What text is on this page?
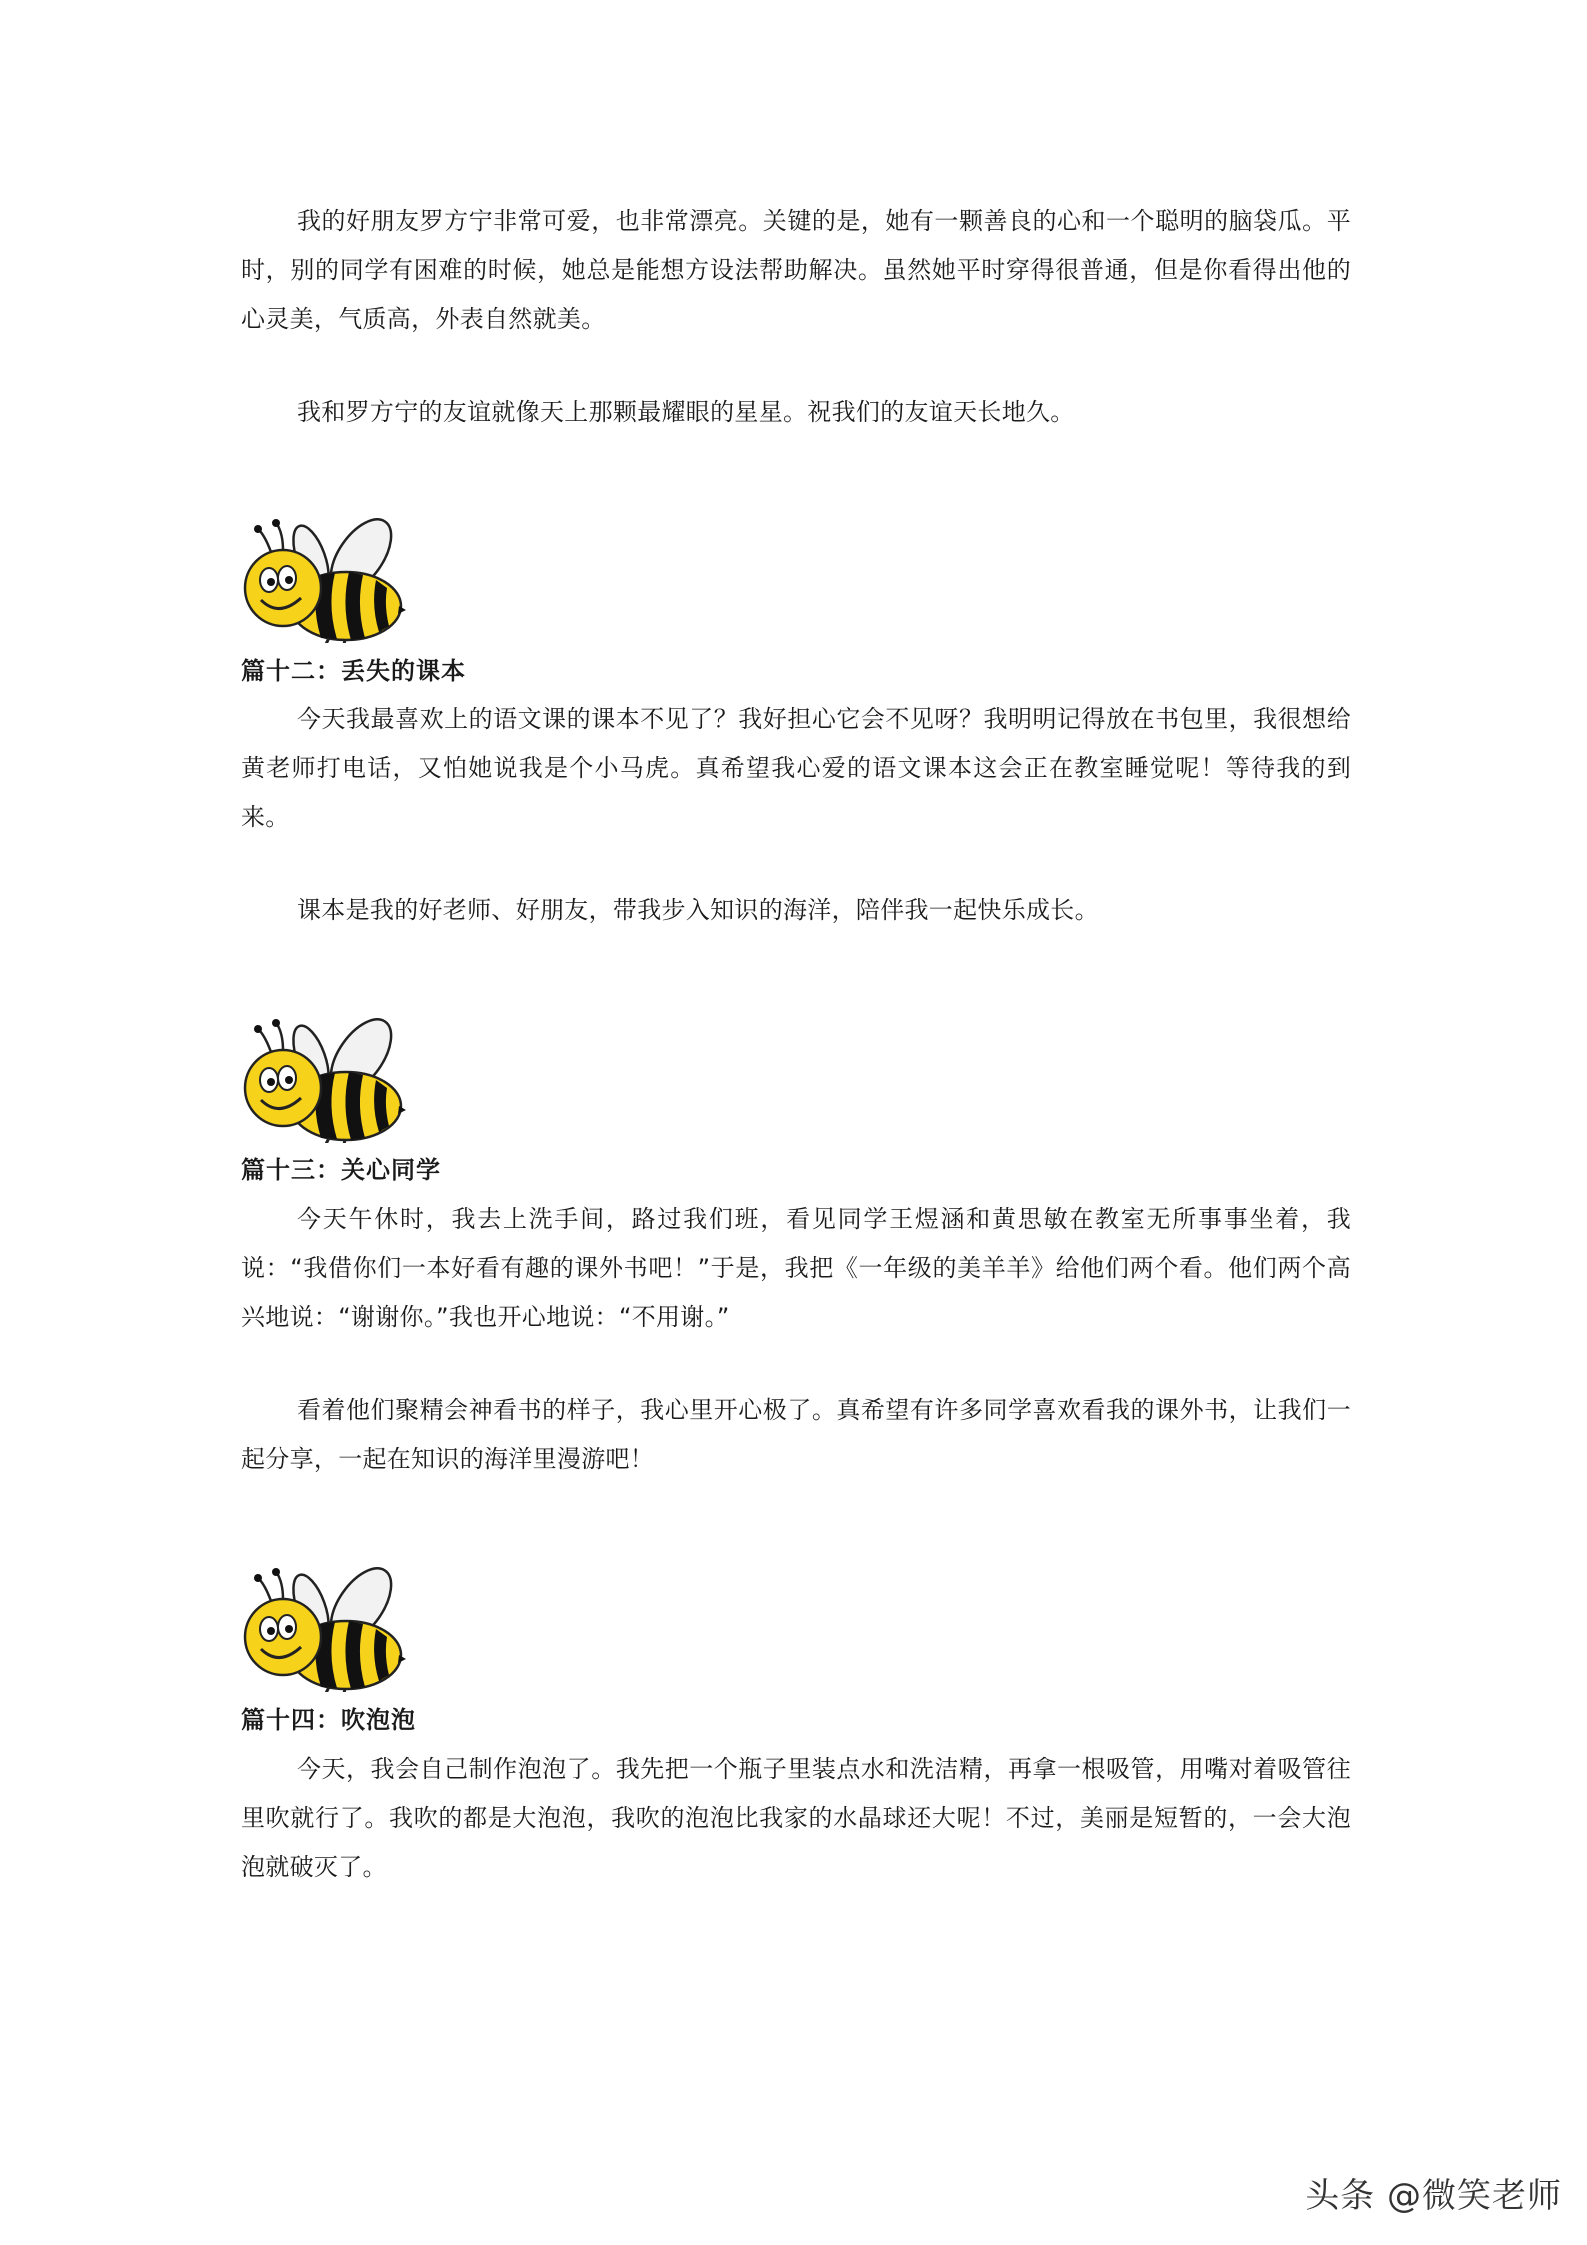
我的好朋友罗方宁非常可爱，也非常漂亮。关键的是，她有一颗善良的心和一个聪明的脑袋瓜。平时，别的同学有困难的时候，她总是能想方设法帮助解决。虽然她平时穿得很普通，但是你看得出他的心灵美，气质高，外表自然就美。

我和罗方宁的友谊就像天上那颗最耀眼的星星。祝我们的友谊天长地久。

篇十二：丢失的课本

今天我最喜欢上的语文课的课本不见了？我好担心它会不见呀？我明明记得放在书包里，我很想给黄老师打电话，又怕她说我是个小马虎。真希望我心爱的语文课本这会正在教室睡觉呢！等待我的到来。

课本是我的好老师、好朋友，带我步入知识的海洋，陪伴我一起快乐成长。

篇十三：关心同学

今天午休时，我去上洗手间，路过我们班，看见同学王煜涵和黄思敏在教室无所事事坐着，我说：“我借你们一本好看有趣的课外书吧！”于是，我把《一年级的美羊羊》给他们两个看。他们两个高兴地说：“谢谢你。”我也开心地说：“不用谢。”

看着他们聚精会神看书的样子，我心里开心极了。真希望有许多同学喜欢看我的课外书，让我们一起分享，一起在知识的海洋里漫游吧！

篇十四：吹泡泡

今天，我会自己制作泡泡了。我先把一个瓶子里装点水和洗洁精，再拿一根吸管，用嘴对着吸管往里吹就行了。我吹的都是大泡泡，我吹的泡泡比我家的水晶球还大呢！不过，美丽是短暂的，一会大泡泡就破灭了。

头条 @微笑老师
